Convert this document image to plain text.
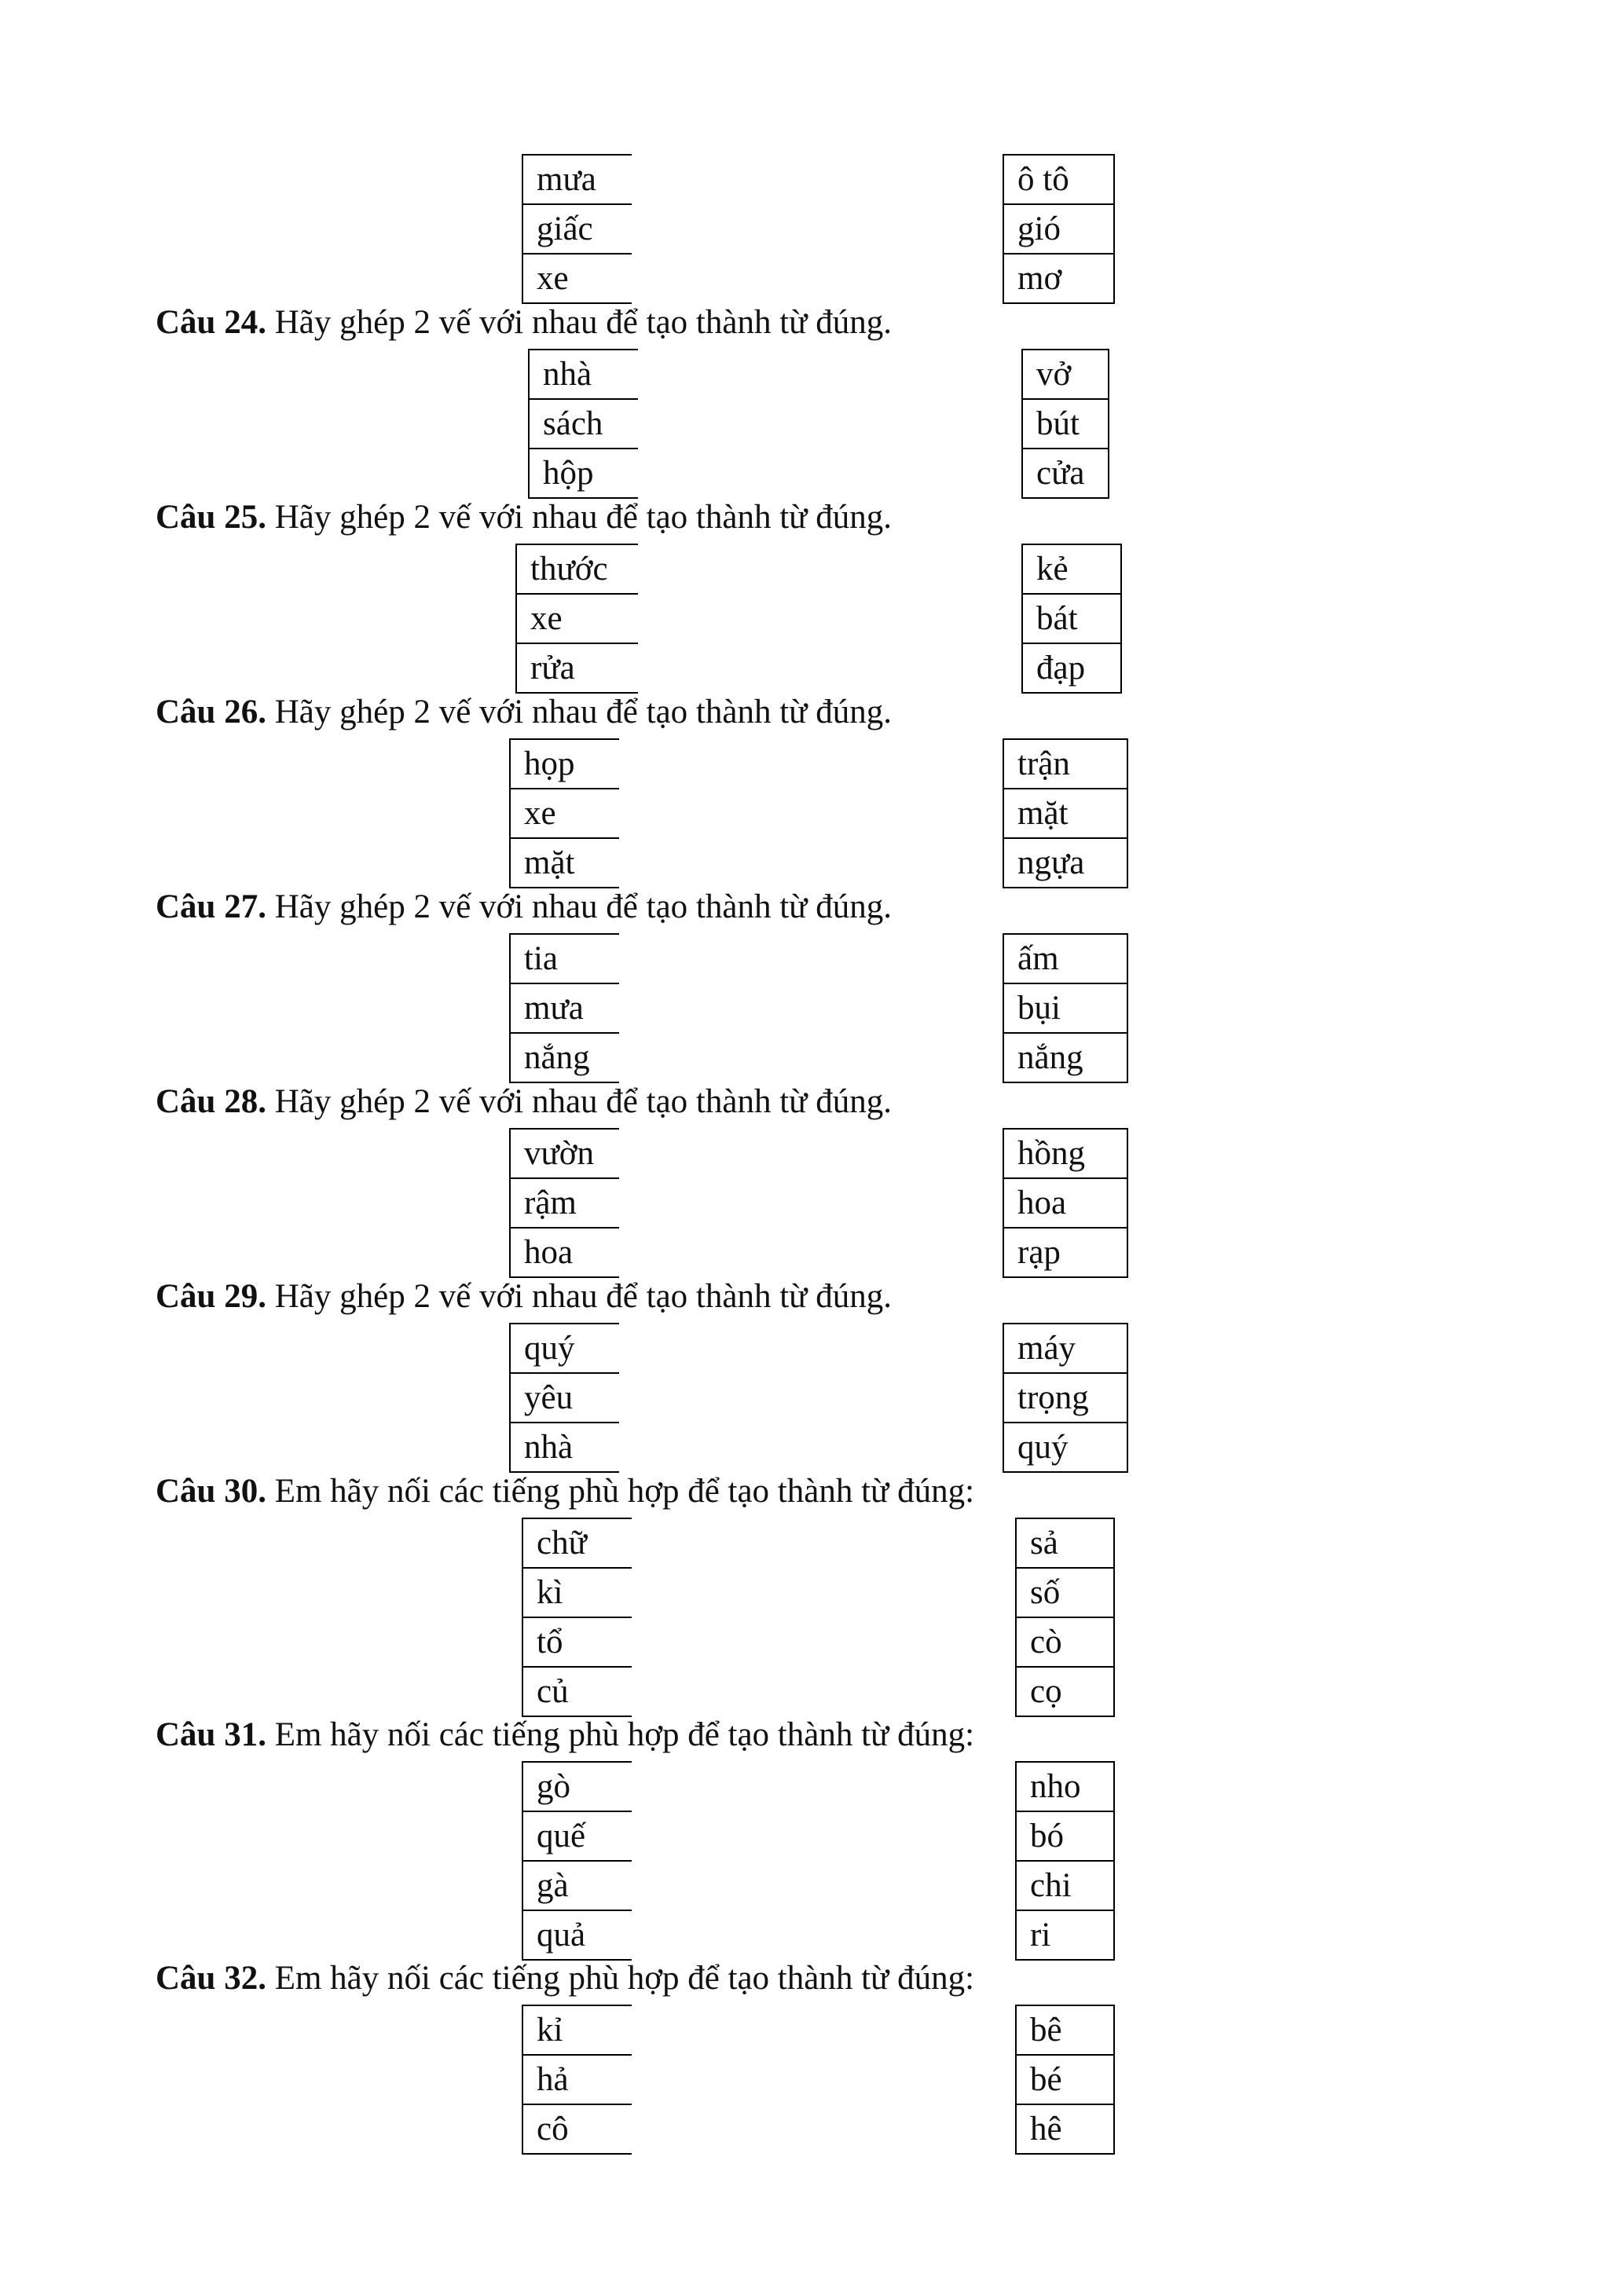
mưa
giấc
xe
ô tô
gió
mơ

Câu 24. Hãy ghép 2 vế với nhau để tạo thành từ đúng.

nhà
sách
hộp
vở
bút
cửa

Câu 25. Hãy ghép 2 vế với nhau để tạo thành từ đúng.

thước
xe
rửa
kẻ
bát
đạp

Câu 26. Hãy ghép 2 vế với nhau để tạo thành từ đúng.

họp
xe
mặt
trận
mặt
ngựa

Câu 27. Hãy ghép 2 vế với nhau để tạo thành từ đúng.

tia
mưa
nắng
ấm
bụi
nắng

Câu 28. Hãy ghép 2 vế với nhau để tạo thành từ đúng.

vườn
rậm
hoa
hồng
hoa
rạp

Câu 29. Hãy ghép 2 vế với nhau để tạo thành từ đúng.

quý
yêu
nhà
máy
trọng
quý

Câu 30. Em hãy nối các tiếng phù hợp để tạo thành từ đúng:

chữ
kì
tổ
củ
sả
số
cò
cọ

Câu 31. Em hãy nối các tiếng phù hợp để tạo thành từ đúng:

gò
quế
gà
quả
nho
bó
chi
ri

Câu 32. Em hãy nối các tiếng phù hợp để tạo thành từ đúng:

kỉ
hả
cô
bê
bé
hê
